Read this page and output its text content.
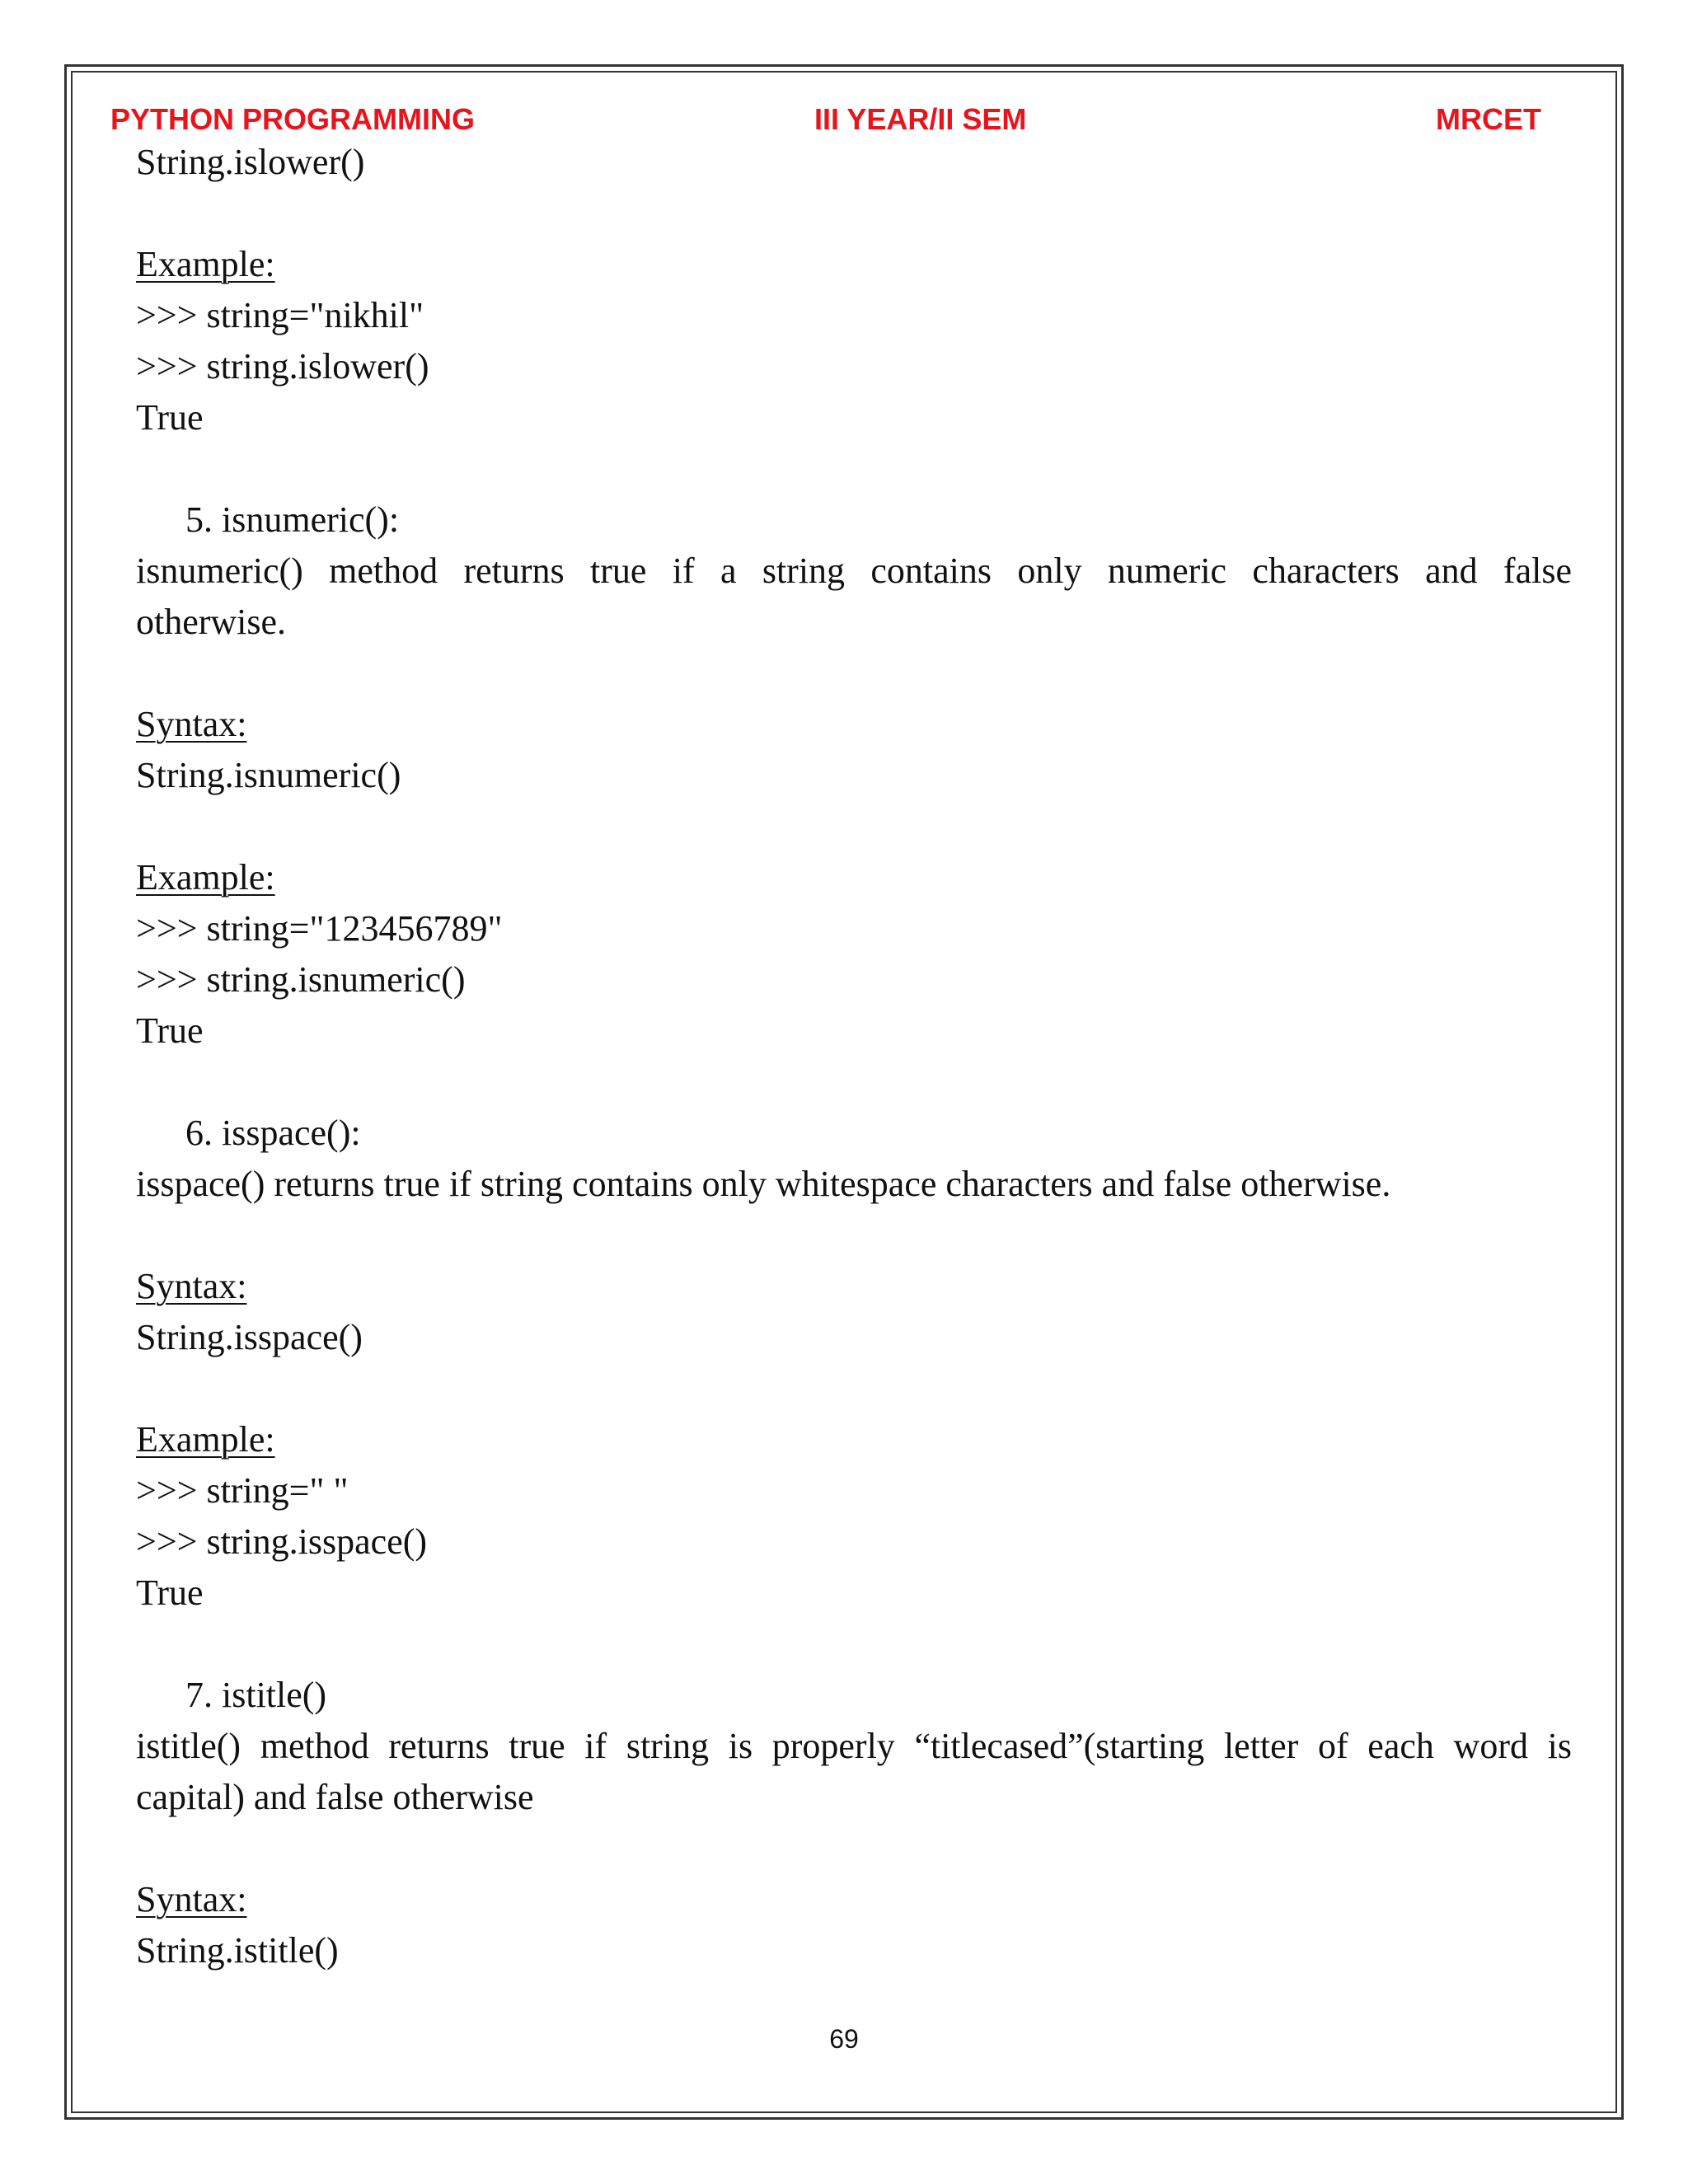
PYTHON PROGRAMMING	III YEAR/II SEM	MRCET
String.islower()
Example:
>>> string="nikhil"
>>> string.islower()
True
5. isnumeric():
isnumeric() method returns true if a string contains only numeric characters and false
otherwise.
Syntax:
String.isnumeric()
Example:
>>> string="123456789"
>>> string.isnumeric()
True
6. isspace():
isspace() returns true if string contains only whitespace characters and false otherwise.
Syntax:
String.isspace()
Example:
>>> string=" "
>>> string.isspace()
True
7. istitle()
istitle() method returns true if string is properly “titlecased”(starting letter of each word is
capital) and false otherwise
Syntax:
String.istitle()
69
